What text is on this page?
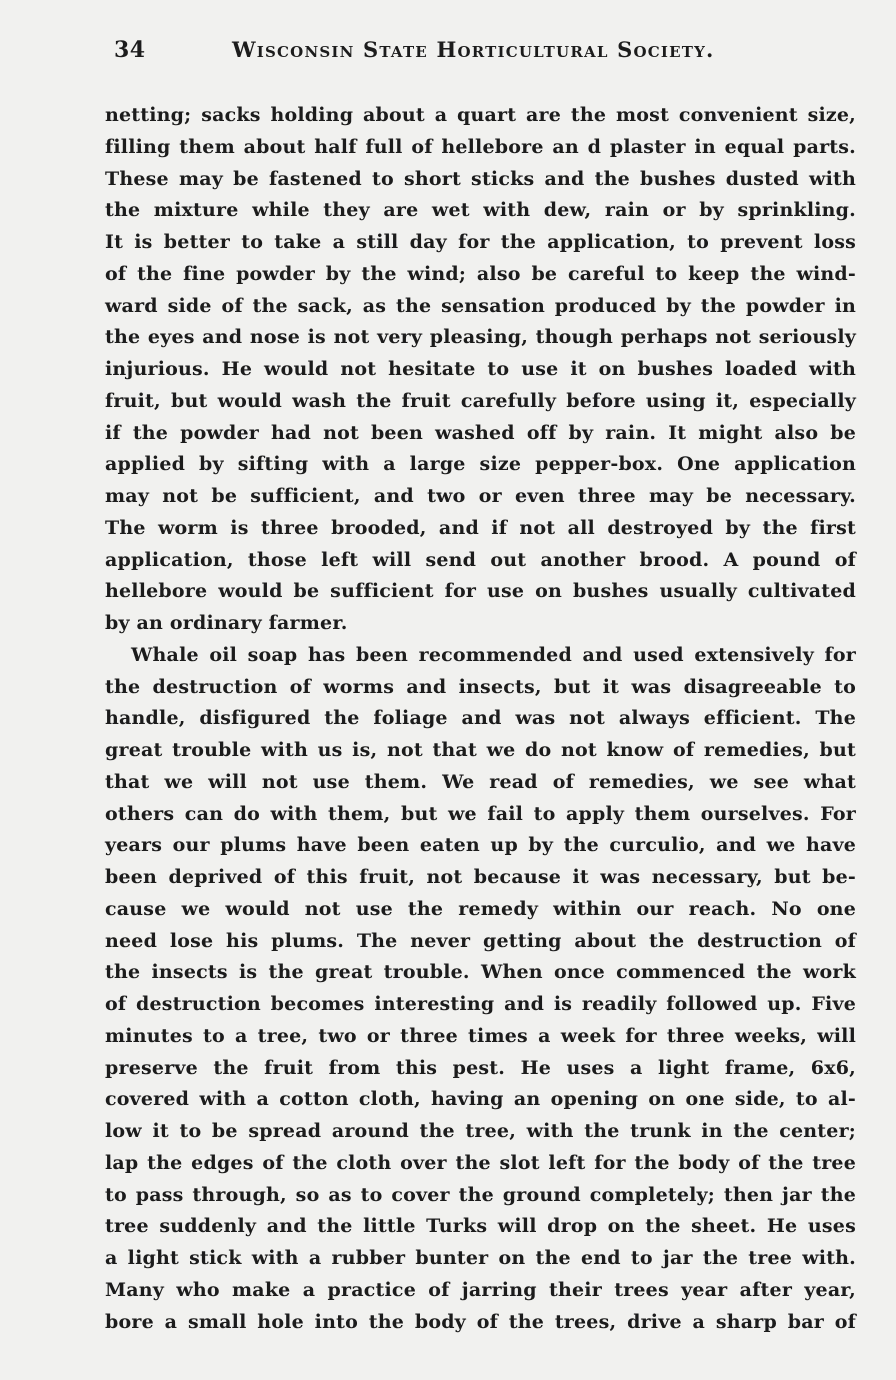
34	Wisconsin State Horticultural Society.
netting; sacks holding about a quart are the most convenient size,
filling them about half full of hellebore an d plaster in equal parts.
These may be fastened to short sticks and the bushes dusted with
the mixture while they are wet with dew, rain or by sprinkling.
It is better to take a still day for the application, to prevent loss
of the fine powder by the wind; also be careful to keep the wind-
ward side of the sack, as the sensation produced by the powder in
the eyes and nose is not very pleasing, though perhaps not seriously
injurious. He would not hesitate to use it on bushes loaded with
fruit, but would wash the fruit carefully before using it, especially
if the powder had not been washed off by rain. It might also be
applied by sifting with a large size pepper-box. One application
may not be sufficient, and two or even three may be necessary.
The worm is three brooded, and if not all destroyed by the first
application, those left will send out another brood. A pound of
hellebore would be sufficient for use on bushes usually cultivated
by an ordinary farmer.
Whale oil soap has been recommended and used extensively for
the destruction of worms and insects, but it was disagreeable to
handle, disfigured the foliage and was not always efficient. The
great trouble with us is, not that we do not know of remedies, but
that we will not use them. We read of remedies, we see what
others can do with them, but we fail to apply them ourselves. For
years our plums have been eaten up by the curculio, and we have
been deprived of this fruit, not because it was necessary, but be-
cause we would not use the remedy within our reach. No one
need lose his plums. The never getting about the destruction of
the insects is the great trouble. When once commenced the work
of destruction becomes interesting and is readily followed up. Five
minutes to a tree, two or three times a week for three weeks, will
preserve the fruit from this pest. He uses a light frame, 6x6,
covered with a cotton cloth, having an opening on one side, to al-
low it to be spread around the tree, with the trunk in the center;
lap the edges of the cloth over the slot left for the body of the tree
to pass through, so as to cover the ground completely; then jar the
tree suddenly and the little Turks will drop on the sheet. He uses
a light stick with a rubber bunter on the end to jar the tree with.
Many who make a practice of jarring their trees year after year,
bore a small hole into the body of the trees, drive a sharp bar of
